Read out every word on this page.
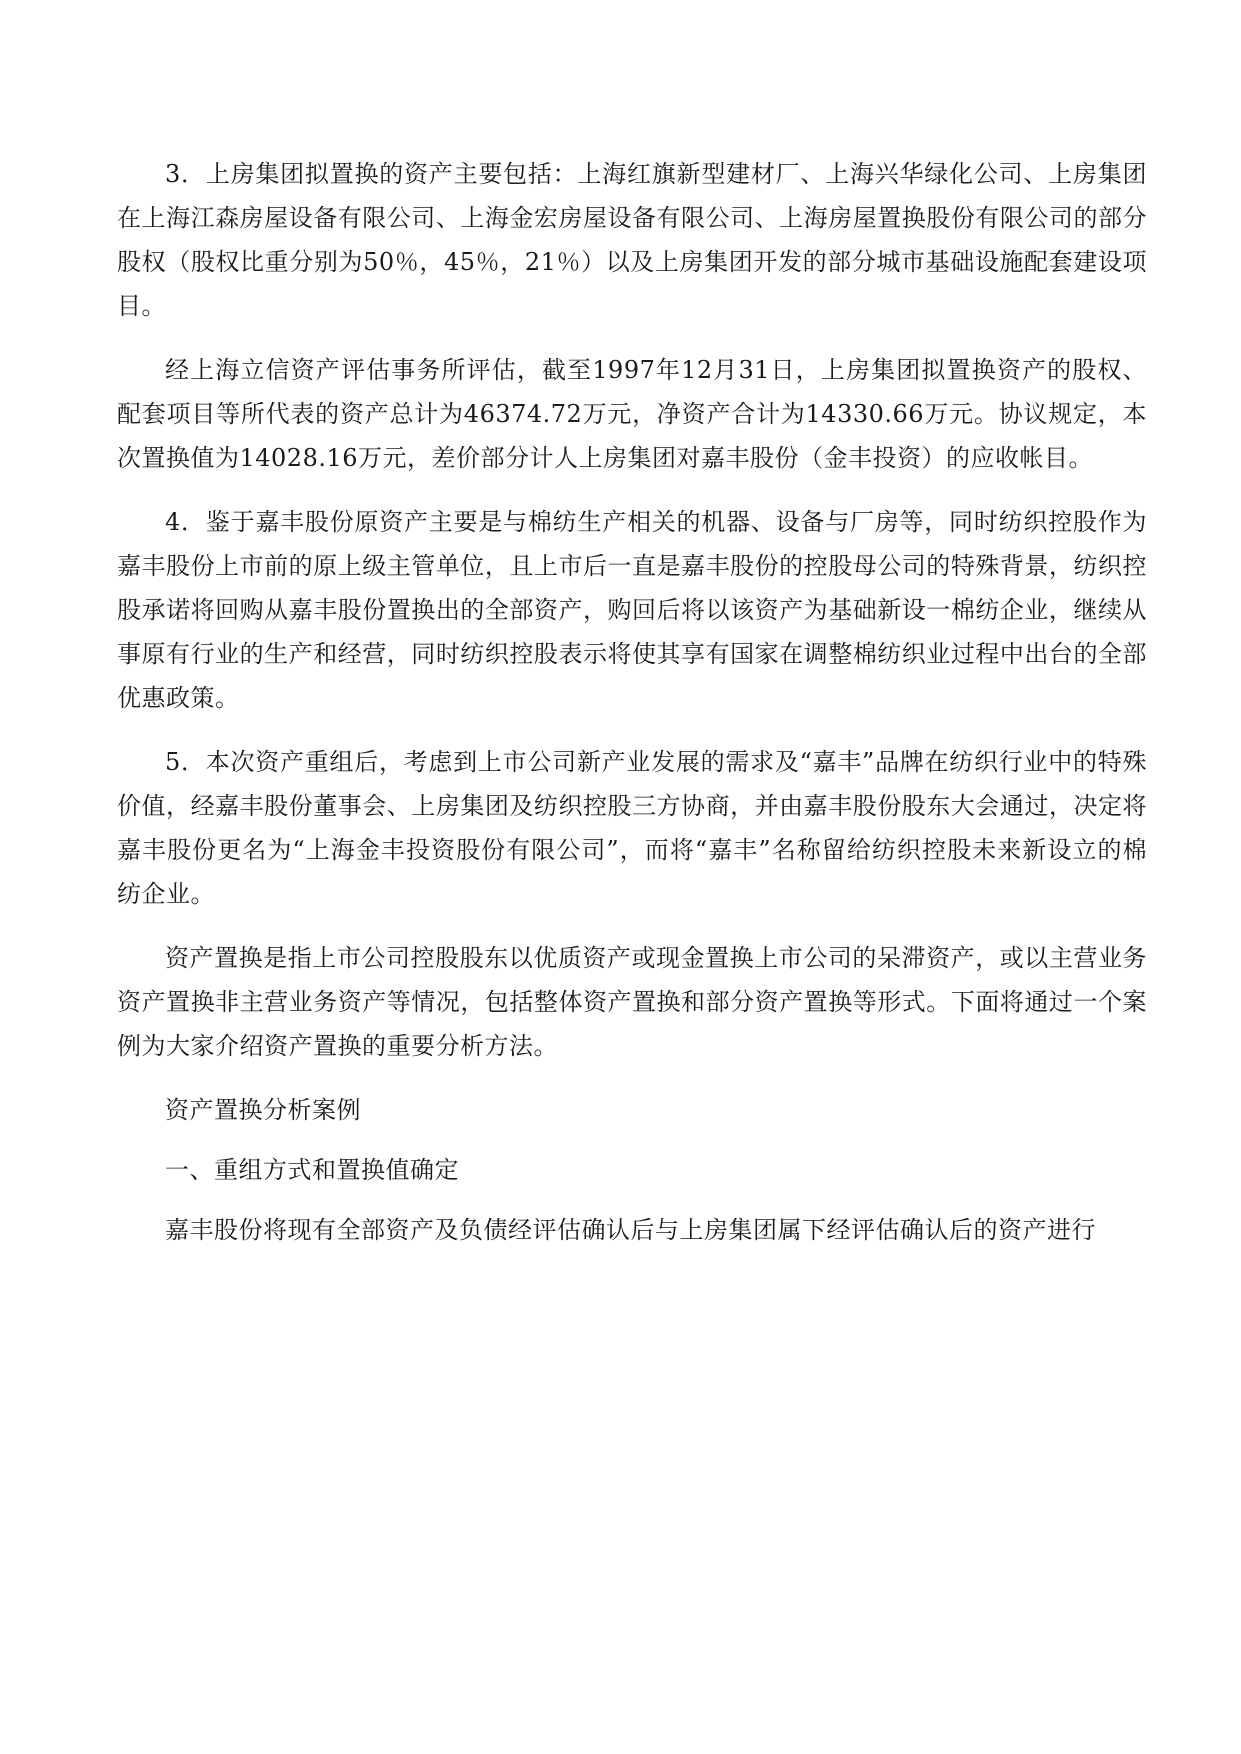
3．上房集团拟置换的资产主要包括：上海红旗新型建材厂、上海兴华绿化公司、上房集团在上海江森房屋设备有限公司、上海金宏房屋设备有限公司、上海房屋置换股份有限公司的部分股权（股权比重分别为50％，45％，21％）以及上房集团开发的部分城市基础设施配套建设项目。

经上海立信资产评估事务所评估，截至1997年12月31日，上房集团拟置换资产的股权、配套项目等所代表的资产总计为46374.72万元，净资产合计为14330.66万元。协议规定，本次置换值为14028.16万元，差价部分计人上房集团对嘉丰股份（金丰投资）的应收帐目。

4．鉴于嘉丰股份原资产主要是与棉纺生产相关的机器、设备与厂房等，同时纺织控股作为嘉丰股份上市前的原上级主管单位，且上市后一直是嘉丰股份的控股母公司的特殊背景，纺织控股承诺将回购从嘉丰股份置换出的全部资产，购回后将以该资产为基础新设一棉纺企业，继续从事原有行业的生产和经营，同时纺织控股表示将使其享有国家在调整棉纺织业过程中出台的全部优惠政策。

5．本次资产重组后，考虑到上市公司新产业发展的需求及“嘉丰”品牌在纺织行业中的特殊价值，经嘉丰股份董事会、上房集团及纺织控股三方协商，并由嘉丰股份股东大会通过，决定将嘉丰股份更名为“上海金丰投资股份有限公司”，而将“嘉丰”名称留给纺织控股未来新设立的棉纺企业。

资产置换是指上市公司控股股东以优质资产或现金置换上市公司的呆滞资产，或以主营业务资产置换非主营业务资产等情况，包括整体资产置换和部分资产置换等形式。下面将通过一个案例为大家介绍资产置换的重要分析方法。

资产置换分析案例

一、重组方式和置换值确定

嘉丰股份将现有全部资产及负债经评估确认后与上房集团属下经评估确认后的资产进行
